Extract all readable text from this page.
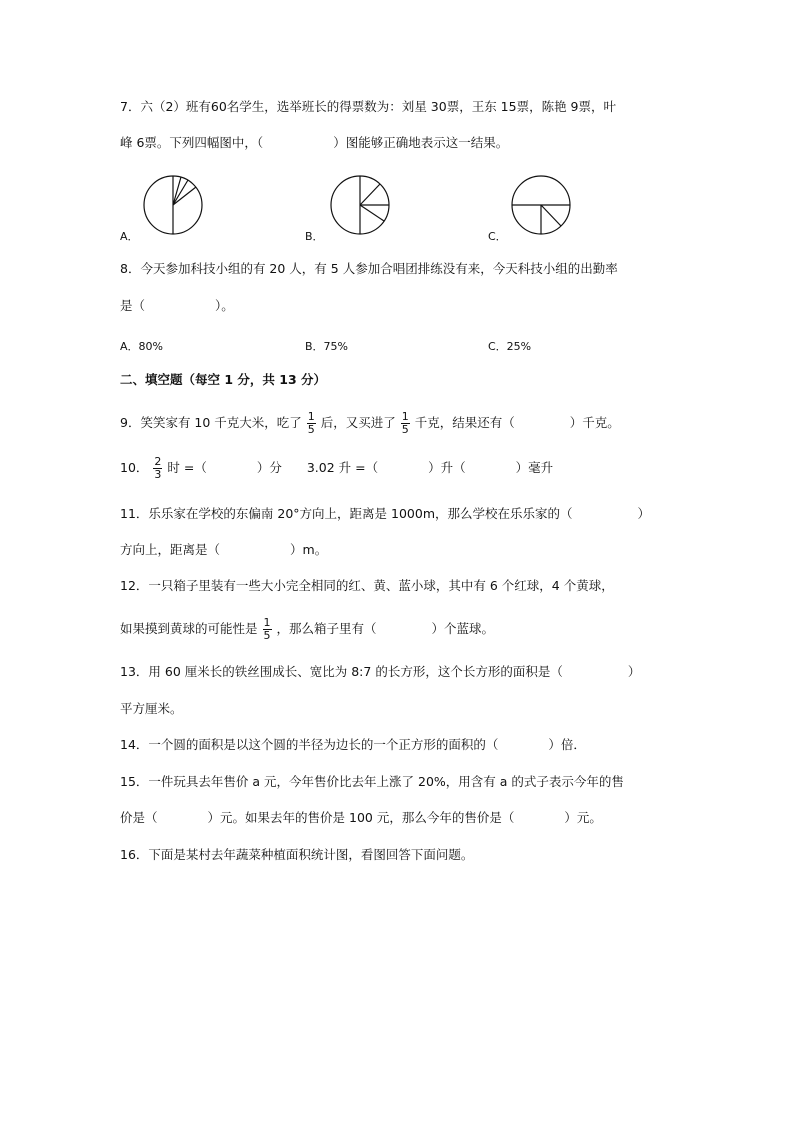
7．六（2）班有60名学生，选举班长的得票数为：刘星 30票，王东 15票，陈艳 9票，叶
峰 6票。下列四幅图中，（	）图能够正确地表示这一结果。
A．	B．	C．
8．今天参加科技小组的有 20 人，有 5 人参加合唱团排练没有来，今天科技小组的出勤率
是（	）。
A．80%	B．75%	C．25%
二、填空题（每空 1 分，共 13 分）
9．笑笑家有 10 千克大米，吃了 $\frac{1}{5}$ 后，又买进了 $\frac{1}{5}$ 千克，结果还有（	）千克。
10． $\frac{2}{3}$ 时 =（	）分　　3.02 升 =（	）升（	）毫升
11．乐乐家在学校的东偏南 20°方向上，距离是 1000m，那么学校在乐乐家的（	）
方向上，距离是（	）m。
12．一只箱子里装有一些大小完全相同的红、黄、蓝小球，其中有 6 个红球，4 个黄球，
如果摸到黄球的可能性是 $\frac{1}{5}$ ，那么箱子里有（	）个蓝球。
13．用 60 厘米长的铁丝围成长、宽比为 8:7 的长方形，这个长方形的面积是（	）
平方厘米。
14．一个圆的面积是以这个圆的半径为边长的一个正方形的面积的（	）倍．
15．一件玩具去年售价 a 元，今年售价比去年上涨了 20%，用含有 a 的式子表示今年的售
价是（	）元。如果去年的售价是 100 元，那么今年的售价是（	）元。
16．下面是某村去年蔬菜种植面积统计图，看图回答下面问题。
